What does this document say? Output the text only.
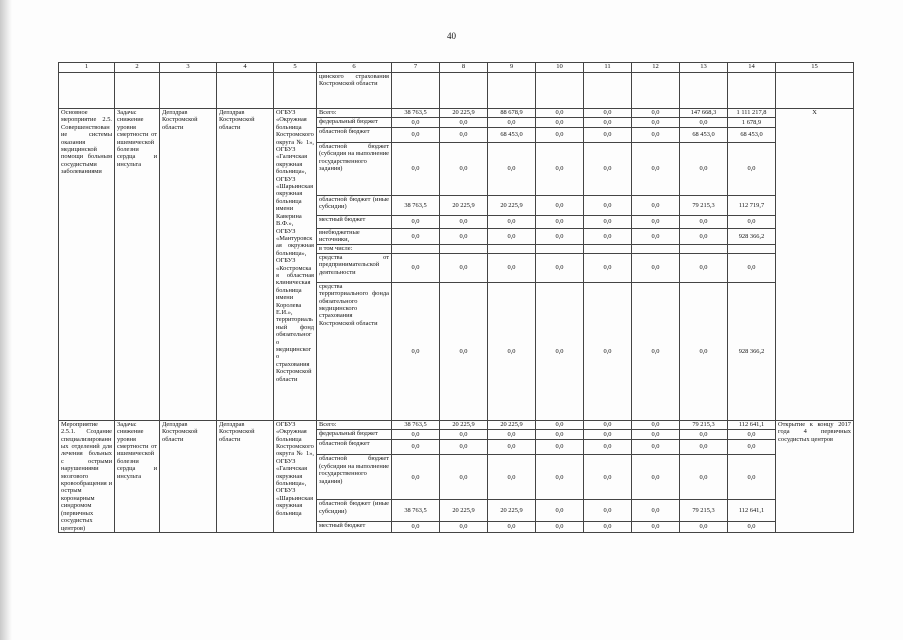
40
1	2	3	4	5	6	7	8	9	10	11	12	13	14	15
					цинского страхования Костромской области									
Основное мероприятие 2.5. Совершенствование системы оказания медицинской помощи больным сосудистыми заболеваниями	Задача: снижение уровня смертности от ишемической болезни сердца и инсульта	Депздрав Костромской области	Депздрав Костромской области	ОГБУЗ «Окружная больница Костромского округа № 1», ОГБУЗ «Галичская окружная больница», ОГБУЗ «Шарьинская окружная больница имени Каверина В.Ф.», ОГБУЗ «Мантуровская окружная больница», ОГБУЗ «Костромская областная клиническая больница имени Королева Е.И.», территориальный фонд обязательного медицинского страхования Костромской области	Всего:	38 763,5	20 225,9	88 678,9	0,0	0,0	0,0	147 668,3	1 111 217,8	Х
					федеральный бюджет	0,0	0,0	0,0	0,0	0,0	0,0	0,0	1 678,9	
					областной бюджет	0,0	0,0	68 453,0	0,0	0,0	0,0	68 453,0	68 453,0	
					областной бюджет (субсидия на выполнение государственного задания)	0,0	0,0	0,0	0,0	0,0	0,0	0,0	0,0	
					областной бюджет (иные субсидии)	38 763,5	20 225,9	20 225,9	0,0	0,0	0,0	79 215,3	112 719,7	
					местный бюджет	0,0	0,0	0,0	0,0	0,0	0,0	0,0	0,0	
					внебюджетные источники,	0,0	0,0	0,0	0,0	0,0	0,0	0,0	928 366,2	
					в том числе:									
					средства от предпринимательской деятельности	0,0	0,0	0,0	0,0	0,0	0,0	0,0	0,0	
					средства территориального фонда обязательного медицинского страхования Костромской области	0,0	0,0	0,0	0,0	0,0	0,0	0,0	928 366,2	
Мероприятие 2.5.1. Создание специализированных отделений для лечения больных с острыми нарушениями мозгового кровообращения и острым коронарным синдромом (первичных сосудистых центров)	Задача: снижение уровня смертности от ишемической болезни сердца и инсульта	Депздрав Костромской области	Депздрав Костромской области	ОГБУЗ «Окружная больница Костромского округа № 1», ОГБУЗ «Галичская окружная больница», ОГБУЗ «Шарьинская окружная больница	Всего:	38 763,5	20 225,9	20 225,9	0,0	0,0	0,0	79 215,3	112 641,1	Открытие к концу 2017 года 4 первичных сосудистых центров
					федеральный бюджет	0,0	0,0	0,0	0,0	0,0	0,0	0,0	0,0	
					областной бюджет	0,0	0,0	0,0	0,0	0,0	0,0	0,0	0,0	
					областной бюджет (субсидия на выполнение государственного задания)	0,0	0,0	0,0	0,0	0,0	0,0	0,0	0,0	
					областной бюджет (иные субсидии)	38 763,5	20 225,9	20 225,9	0,0	0,0	0,0	79 215,3	112 641,1	
					местный бюджет	0,0	0,0	0,0	0,0	0,0	0,0	0,0	0,0	
